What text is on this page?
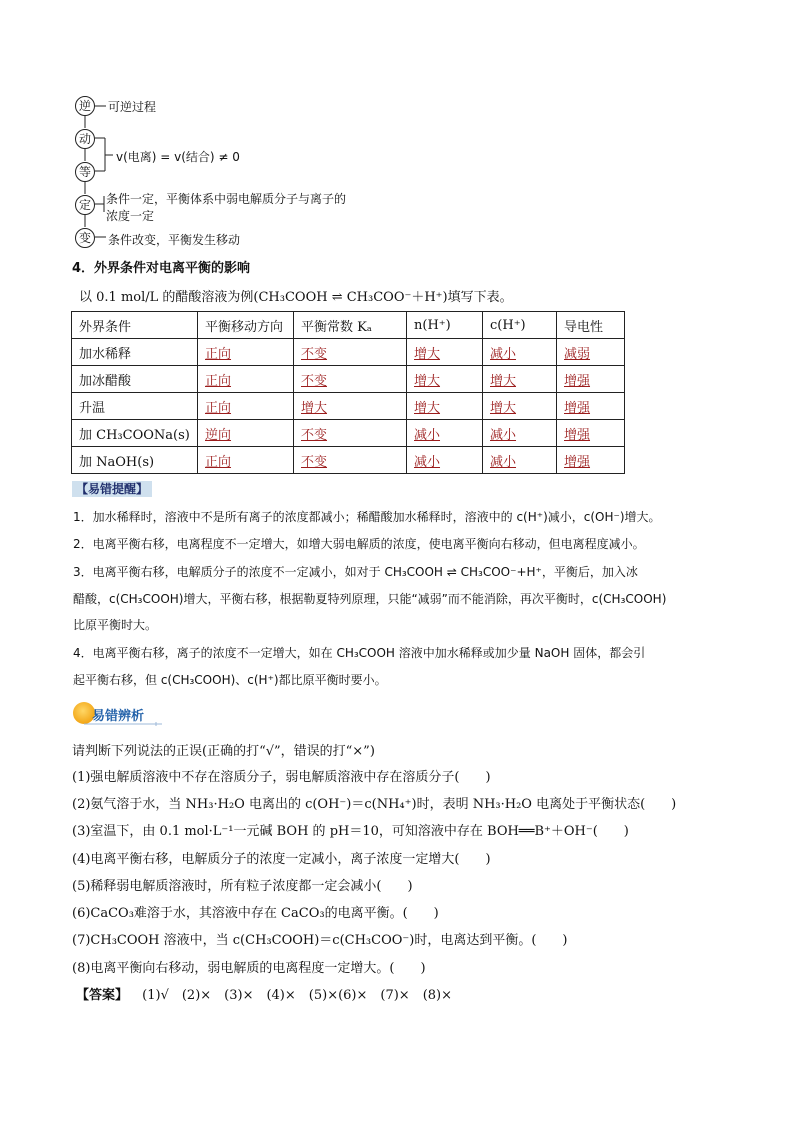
逆
动
等
定
变
可逆过程
v(电离) = v(结合) ≠ 0
条件一定，平衡体系中弱电解质分子与离子的
浓度一定
条件改变，平衡发生移动
4．外界条件对电离平衡的影响
以 0.1 mol/L 的醋酸溶液为例(CH₃COOH ⇌ CH₃COO⁻＋H⁺)填写下表。
外界条件	平衡移动方向	平衡常数 Kₐ	n(H⁺)	c(H⁺)	导电性
加水稀释	正向	不变	增大	减小	减弱
加冰醋酸	正向	不变	增大	增大	增强
升温	正向	增大	增大	增大	增强
加 CH₃COONa(s)	逆向	不变	减小	减小	增强
加 NaOH(s)	正向	不变	减小	减小	增强
【易错提醒】
1．加水稀释时，溶液中不是所有离子的浓度都减小；稀醋酸加水稀释时，溶液中的 c(H⁺)减小，c(OH⁻)增大。
2．电离平衡右移，电离程度不一定增大，如增大弱电解质的浓度，使电离平衡向右移动，但电离程度减小。
3．电离平衡右移，电解质分子的浓度不一定减小，如对于 CH₃COOH ⇌ CH₃COO⁻+H⁺，平衡后，加入冰
醋酸，c(CH₃COOH)增大，平衡右移，根据勒夏特列原理，只能“减弱”而不能消除，再次平衡时，c(CH₃COOH)
比原平衡时大。
4．电离平衡右移，离子的浓度不一定增大，如在 CH₃COOH 溶液中加水稀释或加少量 NaOH 固体，都会引
起平衡右移，但 c(CH₃COOH)、c(H⁺)都比原平衡时要小。
易错辨析
请判断下列说法的正误(正确的打“√”，错误的打“×”)
(1)强电解质溶液中不存在溶质分子，弱电解质溶液中存在溶质分子(　　)
(2)氨气溶于水，当 NH₃·H₂O 电离出的 c(OH⁻)＝c(NH₄⁺)时，表明 NH₃·H₂O 电离处于平衡状态(　　)
(3)室温下，由 0.1 mol·L⁻¹一元碱 BOH 的 pH＝10，可知溶液中存在 BOH══B⁺＋OH⁻(　　)
(4)电离平衡右移，电解质分子的浓度一定减小，离子浓度一定增大(　　)
(5)稀释弱电解质溶液时，所有粒子浓度都一定会减小(　　)
(6)CaCO₃难溶于水，其溶液中存在 CaCO₃的电离平衡。(　　)
(7)CH₃COOH 溶液中，当 c(CH₃COOH)＝c(CH₃COO⁻)时，电离达到平衡。(　　)
(8)电离平衡向右移动，弱电解质的电离程度一定增大。(　　)
【答案】 (1)√　(2)×　(3)×　(4)×　(5)×(6)×　(7)×　(8)×
